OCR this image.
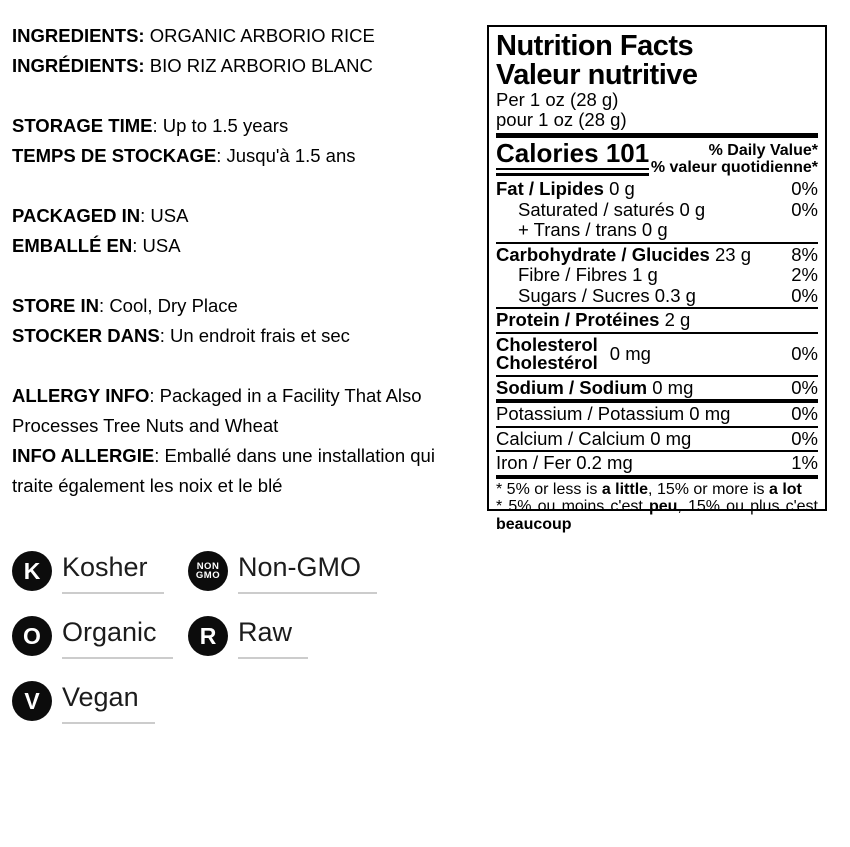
INGREDIENTS: ORGANIC ARBORIO RICE
INGRÉDIENTS: BIO RIZ ARBORIO BLANC
STORAGE TIME: Up to 1.5 years
TEMPS DE STOCKAGE: Jusqu'à 1.5 ans
PACKAGED IN: USA
EMBALLÉ EN: USA
STORE IN: Cool, Dry Place
STOCKER DANS: Un endroit frais et sec
ALLERGY INFO: Packaged in a Facility That Also Processes Tree Nuts and Wheat
INFO ALLERGIE: Emballé dans une installation qui traite également les noix et le blé
Nutrition Facts
Valeur nutritive
Per 1 oz (28 g)
pour 1 oz (28 g)
Calories 101	% Daily Value*
% valeur quotidienne*
Fat / Lipides 0 g	0%
Saturated / saturés 0 g	0%
+ Trans / trans 0 g
Carbohydrate / Glucides 23 g 8%
Fibre / Fibres 1 g	2%
Sugars / Sucres 0.3 g	0%
Protein / Protéines 2 g
Cholesterol
Cholestérol 0 mg	0%
Sodium / Sodium 0 mg	0%
Potassium / Potassium 0 mg	0%
Calcium / Calcium 0 mg	0%
Iron / Fer 0.2 mg	1%
* 5% or less is a little, 15% or more is a lot
* 5% ou moins c'est peu, 15% ou plus c'est
beaucoup
K Kosher	NON
GMO Non-GMO
O Organic	R Raw
V Vegan
